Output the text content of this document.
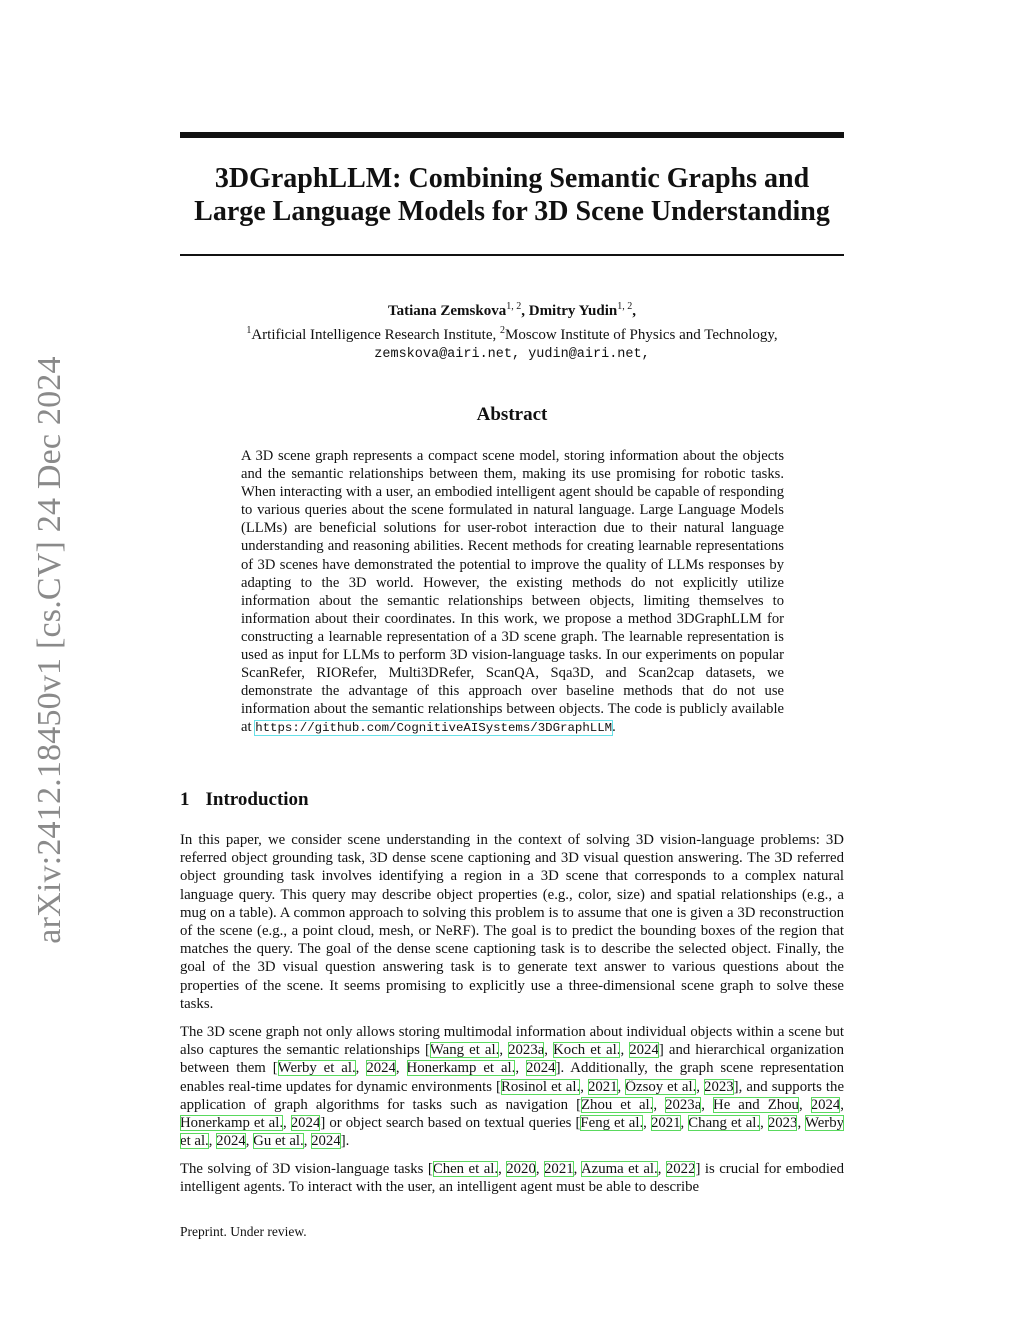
arXiv:2412.18450v1 [cs.CV] 24 Dec 2024
3DGraphLLM: Combining Semantic Graphs and
Large Language Models for 3D Scene Understanding
Tatiana Zemskova$^{1, 2}$, Dmitry Yudin$^{1, 2}$,
$^1$Artificial Intelligence Research Institute, $^2$Moscow Institute of Physics and Technology,
zemskova@airi.net, yudin@airi.net,
Abstract

A 3D scene graph represents a compact scene model, storing information about the objects and the semantic relationships between them, making its use promising for robotic tasks. When interacting with a user, an embodied intelligent agent should be capable of responding to various queries about the scene formulated in natural language. Large Language Models (LLMs) are beneficial solutions for user-robot interaction due to their natural language understanding and reasoning abilities. Recent methods for creating learnable representations of 3D scenes have demonstrated the potential to improve the quality of LLMs responses by adapting to the 3D world. However, the existing methods do not explicitly utilize information about the semantic relationships between objects, limiting themselves to information about their coordinates. In this work, we propose a method 3DGraphLLM for constructing a learnable representation of a 3D scene graph. The learnable representation is used as input for LLMs to perform 3D vision-language tasks. In our experiments on popular ScanRefer, RIORefer, Multi3DRefer, ScanQA, Sqa3D, and Scan2cap datasets, we demonstrate the advantage of this approach over baseline methods that do not use information about the semantic relationships between objects. The code is publicly available at https://github.com/CognitiveAISystems/3DGraphLLM.

1 Introduction

In this paper, we consider scene understanding in the context of solving 3D vision-language problems: 3D referred object grounding task, 3D dense scene captioning and 3D visual question answering. The 3D referred object grounding task involves identifying a region in a 3D scene that corresponds to a complex natural language query. This query may describe object properties (e.g., color, size) and spatial relationships (e.g., a mug on a table). A common approach to solving this problem is to assume that one is given a 3D reconstruction of the scene (e.g., a point cloud, mesh, or NeRF). The goal is to predict the bounding boxes of the region that matches the query. The goal of the dense scene captioning task is to describe the selected object. Finally, the goal of the 3D visual question answering task is to generate text answer to various questions about the properties of the scene. It seems promising to explicitly use a three-dimensional scene graph to solve these tasks.

The 3D scene graph not only allows storing multimodal information about individual objects within a scene but also captures the semantic relationships [Wang et al., 2023a, Koch et al., 2024] and hierarchical organization between them [Werby et al., 2024, Honerkamp et al., 2024]. Additionally, the graph scene representation enables real-time updates for dynamic environments [Rosinol et al., 2021, Özsoy et al., 2023], and supports the application of graph algorithms for tasks such as navigation [Zhou et al., 2023a, He and Zhou, 2024, Honerkamp et al., 2024] or object search based on textual queries [Feng et al., 2021, Chang et al., 2023, Werby et al., 2024, Gu et al., 2024].

The solving of 3D vision-language tasks [Chen et al., 2020, 2021, Azuma et al., 2022] is crucial for embodied intelligent agents. To interact with the user, an intelligent agent must be able to describe

Preprint. Under review.
